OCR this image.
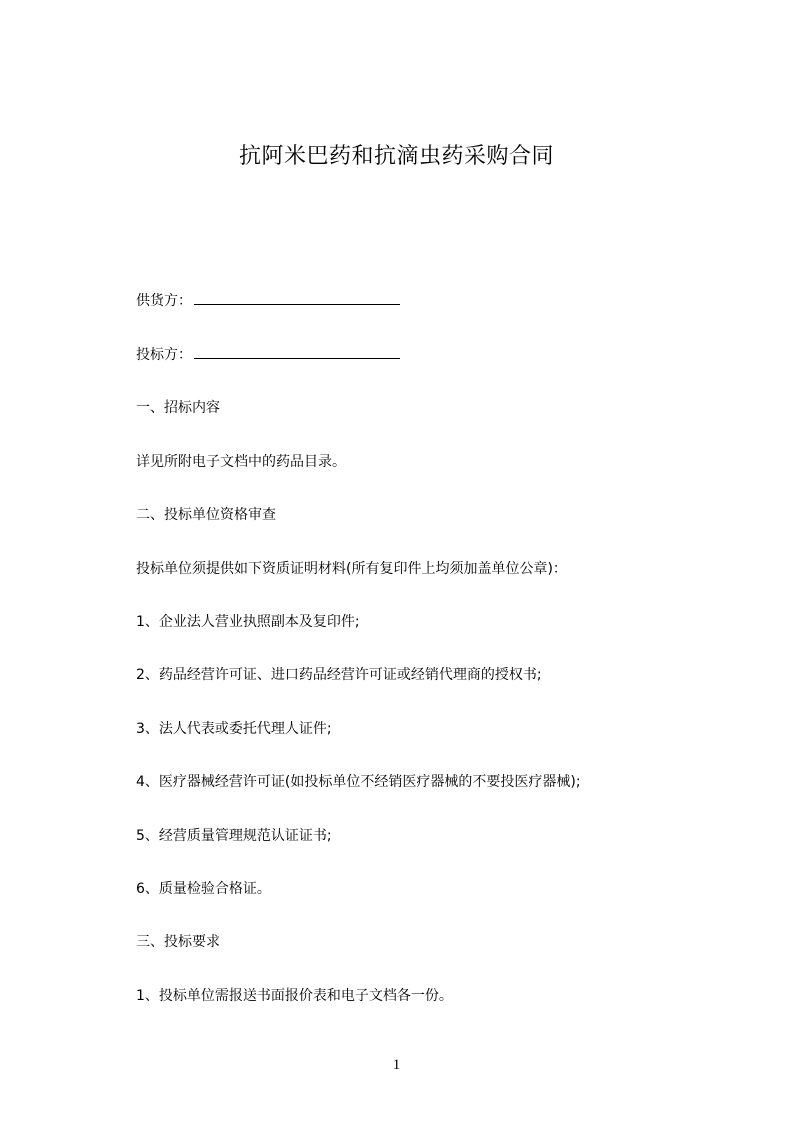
抗阿米巴药和抗滴虫药采购合同
供货方：
投标方：
一、招标内容
详见所附电子文档中的药品目录。
二、投标单位资格审查
投标单位须提供如下资质证明材料(所有复印件上均须加盖单位公章)：
1、企业法人营业执照副本及复印件;
2、药品经营许可证、进口药品经营许可证或经销代理商的授权书;
3、法人代表或委托代理人证件;
4、医疗器械经营许可证(如投标单位不经销医疗器械的不要投医疗器械);
5、经营质量管理规范认证证书;
6、质量检验合格证。
三、投标要求
1、投标单位需报送书面报价表和电子文档各一份。
1
